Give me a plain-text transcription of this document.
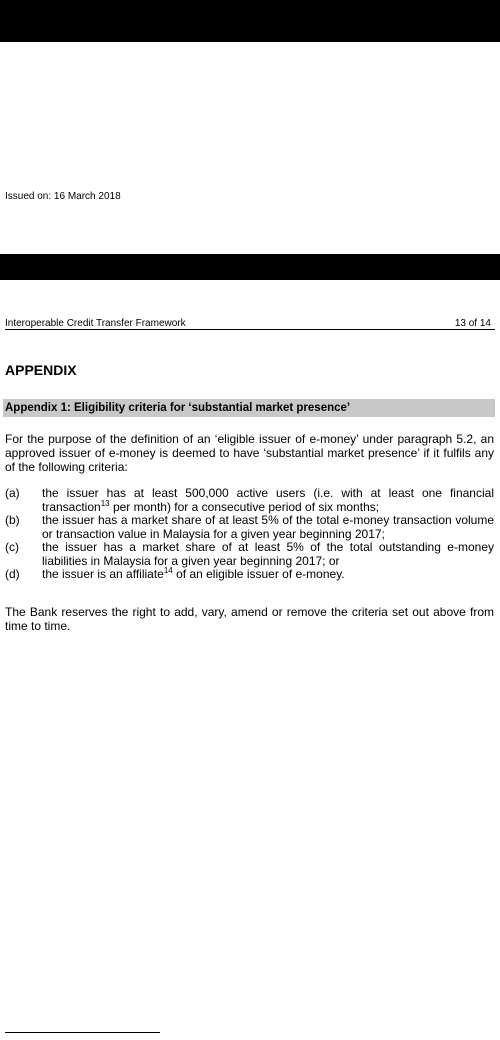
Issued on: 16 March 2018
Interoperable Credit Transfer Framework	13 of 14
APPENDIX
Appendix 1: Eligibility criteria for ‘substantial market presence’
For the purpose of the definition of an ‘eligible issuer of e-money’ under paragraph 5.2, an approved issuer of e-money is deemed to have ‘substantial market presence’ if it fulfils any of the following criteria:
(a) the issuer has at least 500,000 active users (i.e. with at least one financial transaction$^{13}$ per month) for a consecutive period of six months;
(b) the issuer has a market share of at least 5% of the total e-money transaction volume or transaction value in Malaysia for a given year beginning 2017;
(c) the issuer has a market share of at least 5% of the total outstanding e-money liabilities in Malaysia for a given year beginning 2017; or
(d) the issuer is an affiliate$^{14}$ of an eligible issuer of e-money.
The Bank reserves the right to add, vary, amend or remove the criteria set out above from time to time.
